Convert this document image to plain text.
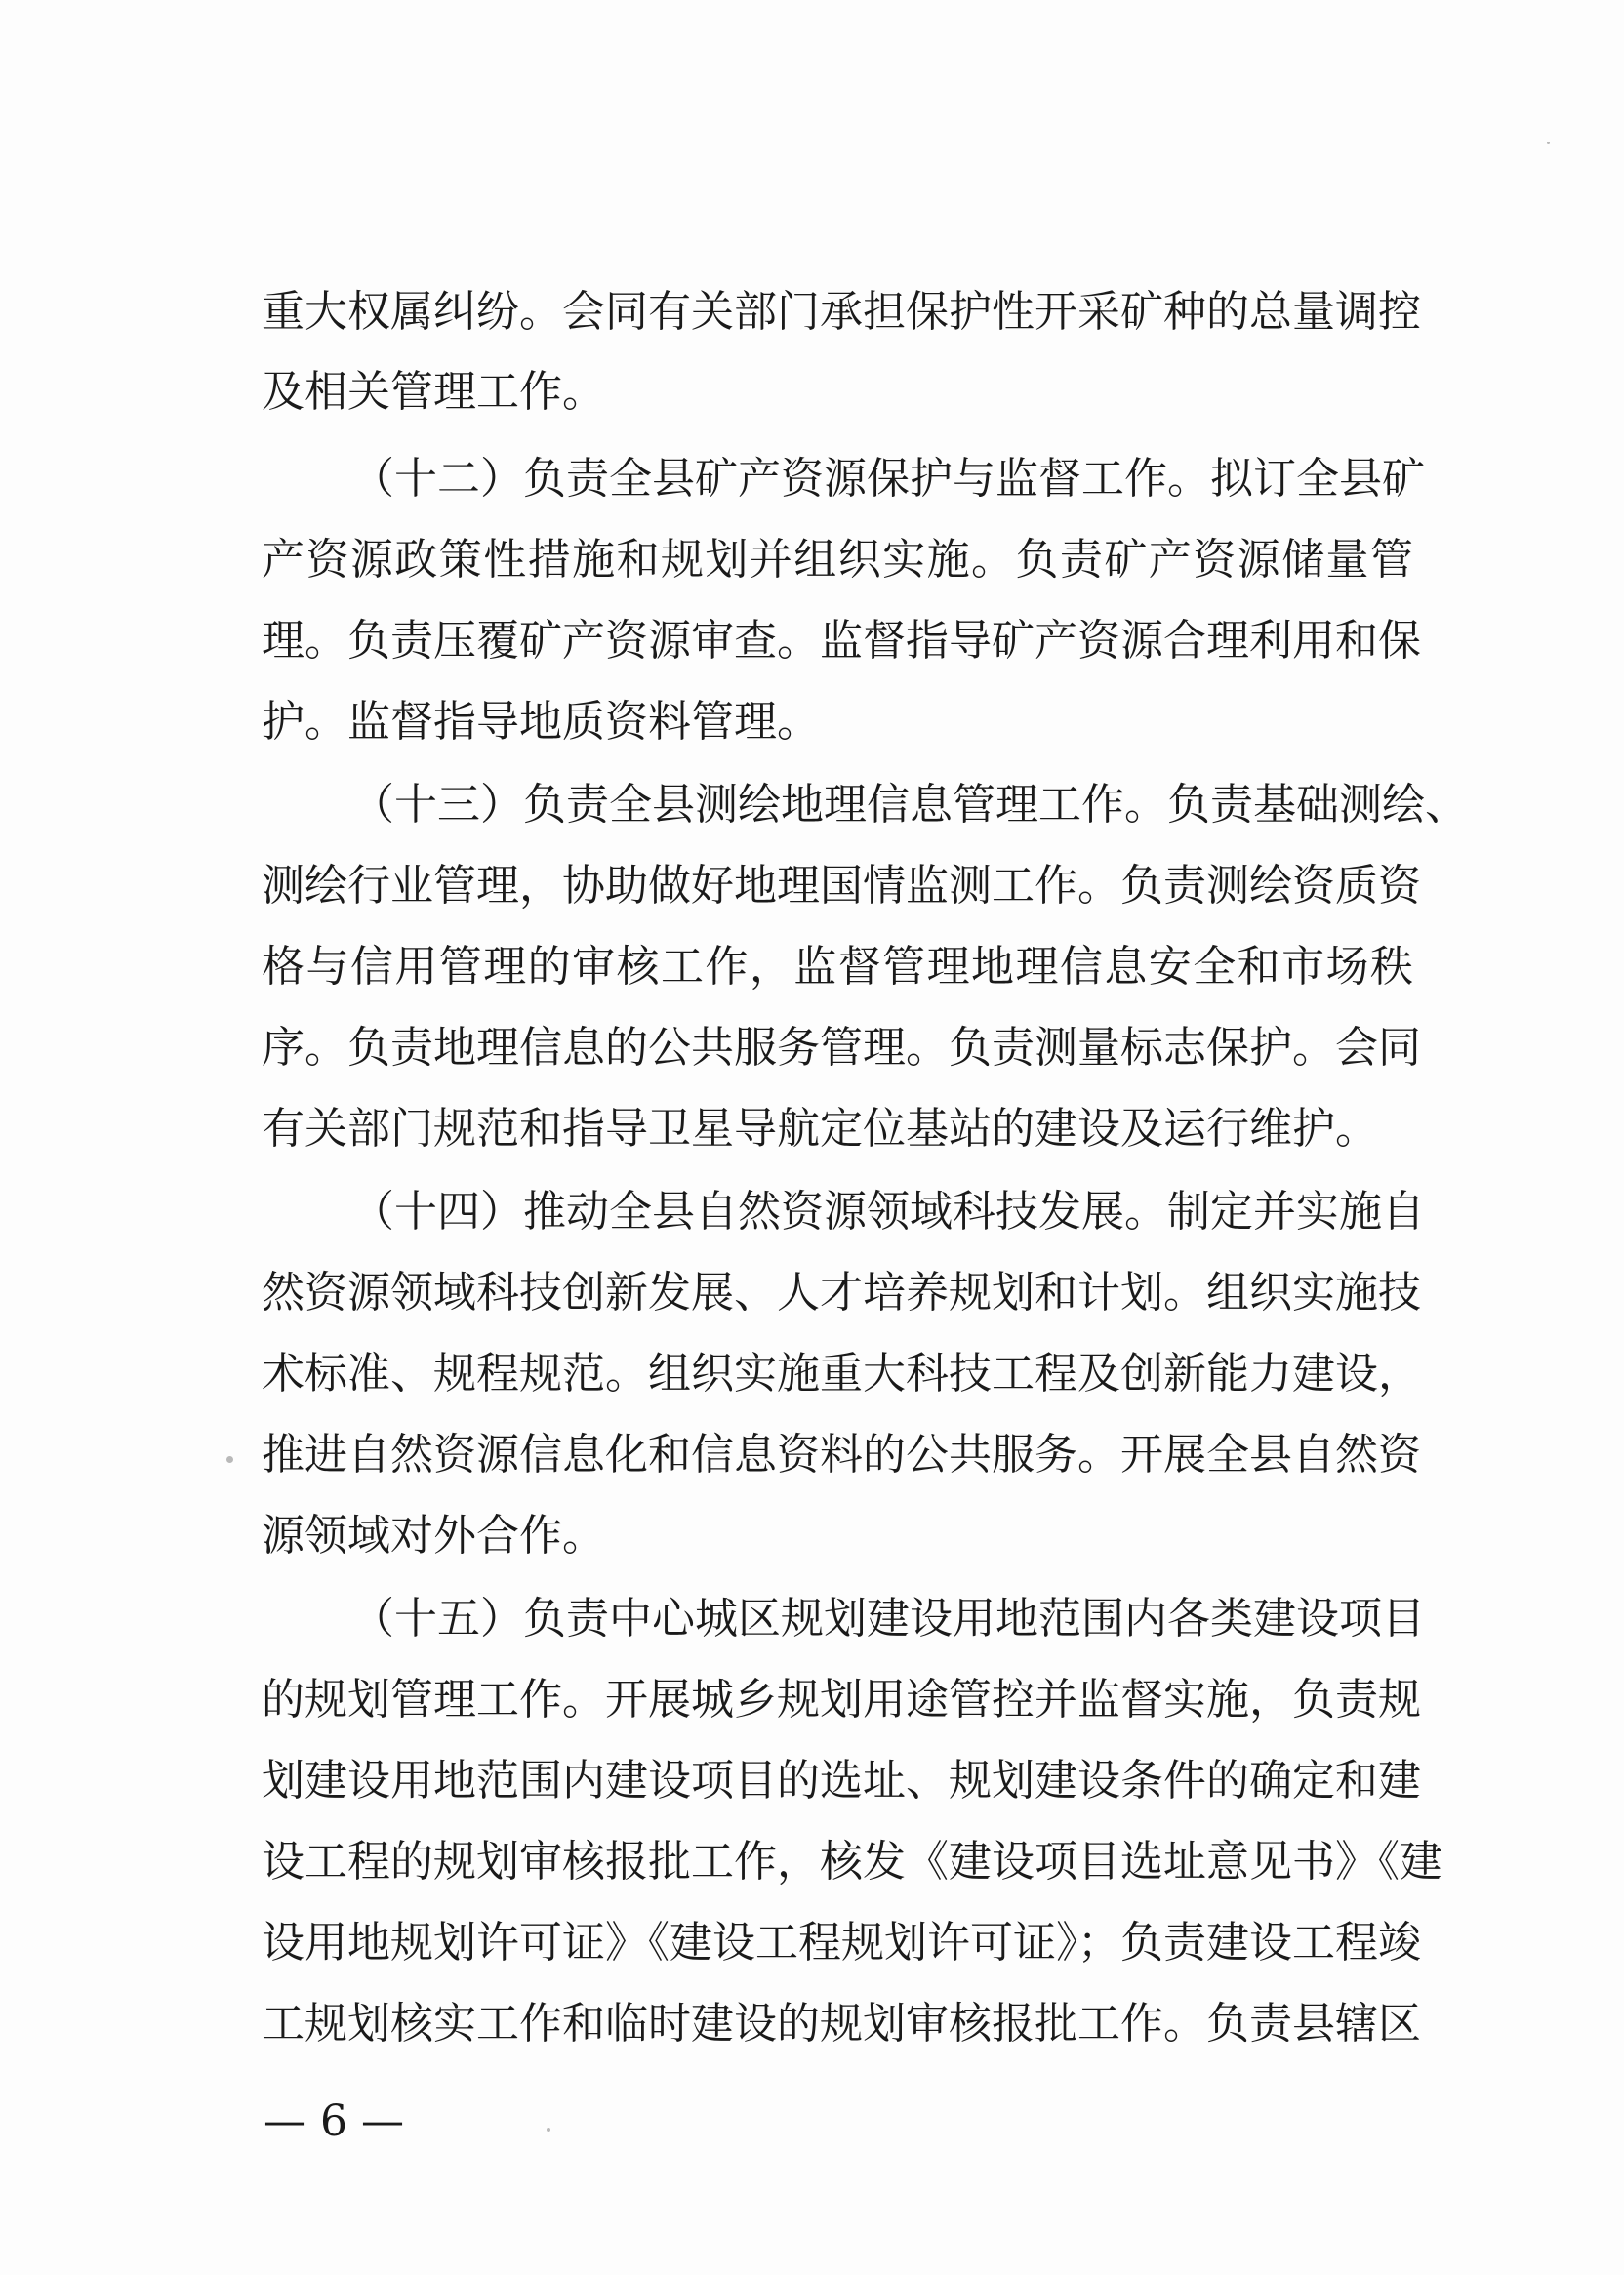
重大权属纠纷。会同有关部门承担保护性开采矿种的总量调控
及相关管理工作。
（十二）负责全县矿产资源保护与监督工作。拟订全县矿
产资源政策性措施和规划并组织实施。负责矿产资源储量管
理。负责压覆矿产资源审查。监督指导矿产资源合理利用和保
护。监督指导地质资料管理。
（十三）负责全县测绘地理信息管理工作。负责基础测绘、
测绘行业管理，协助做好地理国情监测工作。负责测绘资质资
格与信用管理的审核工作，监督管理地理信息安全和市场秩
序。负责地理信息的公共服务管理。负责测量标志保护。会同
有关部门规范和指导卫星导航定位基站的建设及运行维护。
（十四）推动全县自然资源领域科技发展。制定并实施自
然资源领域科技创新发展、人才培养规划和计划。组织实施技
术标准、规程规范。组织实施重大科技工程及创新能力建设，
推进自然资源信息化和信息资料的公共服务。开展全县自然资
源领域对外合作。
（十五）负责中心城区规划建设用地范围内各类建设项目
的规划管理工作。开展城乡规划用途管控并监督实施，负责规
划建设用地范围内建设项目的选址、规划建设条件的确定和建
设工程的规划审核报批工作，核发《建设项目选址意见书》《建
设用地规划许可证》《建设工程规划许可证》；负责建设工程竣
工规划核实工作和临时建设的规划审核报批工作。负责县辖区
— 6 —
